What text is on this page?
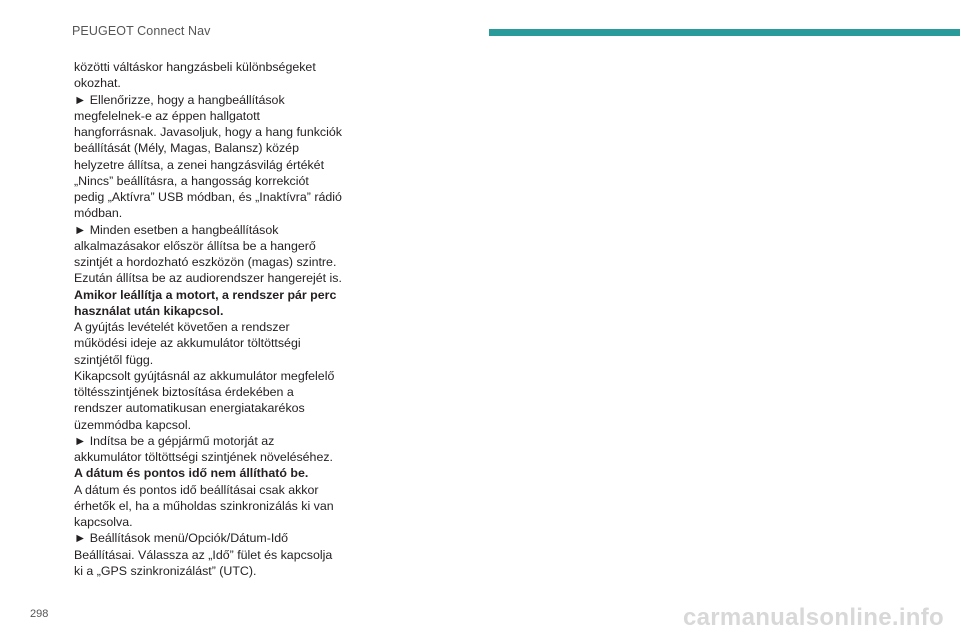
PEUGEOT Connect Nav

közötti váltáskor hangzásbeli különbségeket

okozhat.

► Ellenőrizze, hogy a hangbeállítások

megfelelnek-e az éppen hallgatott

hangforrásnak. Javasoljuk, hogy a hang funkciók

beállítását (Mély, Magas, Balansz) közép

helyzetre állítsa, a zenei hangzásvilág értékét

„Nincs” beállításra, a hangosság korrekciót

pedig „Aktívra” USB módban, és „Inaktívra” rádió

módban.

► Minden esetben a hangbeállítások

alkalmazásakor először állítsa be a hangerő

szintjét a hordozható eszközön (magas) szintre.

Ezután állítsa be az audiorendszer hangerejét is.

Amikor leállítja a motort, a rendszer pár perc

használat után kikapcsol.

A gyújtás levételét követően a rendszer

működési ideje az akkumulátor töltöttségi

szintjétől függ.

Kikapcsolt gyújtásnál az akkumulátor megfelelő

töltésszintjének biztosítása érdekében a

rendszer automatikusan energiatakarékos

üzemmódba kapcsol.

► Indítsa be a gépjármű motorját az

akkumulátor töltöttségi szintjének növeléséhez.

A dátum és pontos idő nem állítható be.

A dátum és pontos idő beállításai csak akkor

érhetők el, ha a műholdas szinkronizálás ki van

kapcsolva.

► Beállítások menü/Opciók/Dátum-Idő

Beállításai. Válassza az „Idő” fület és kapcsolja

ki a „GPS szinkronizálást” (UTC).

298	carmanualsonline.info
